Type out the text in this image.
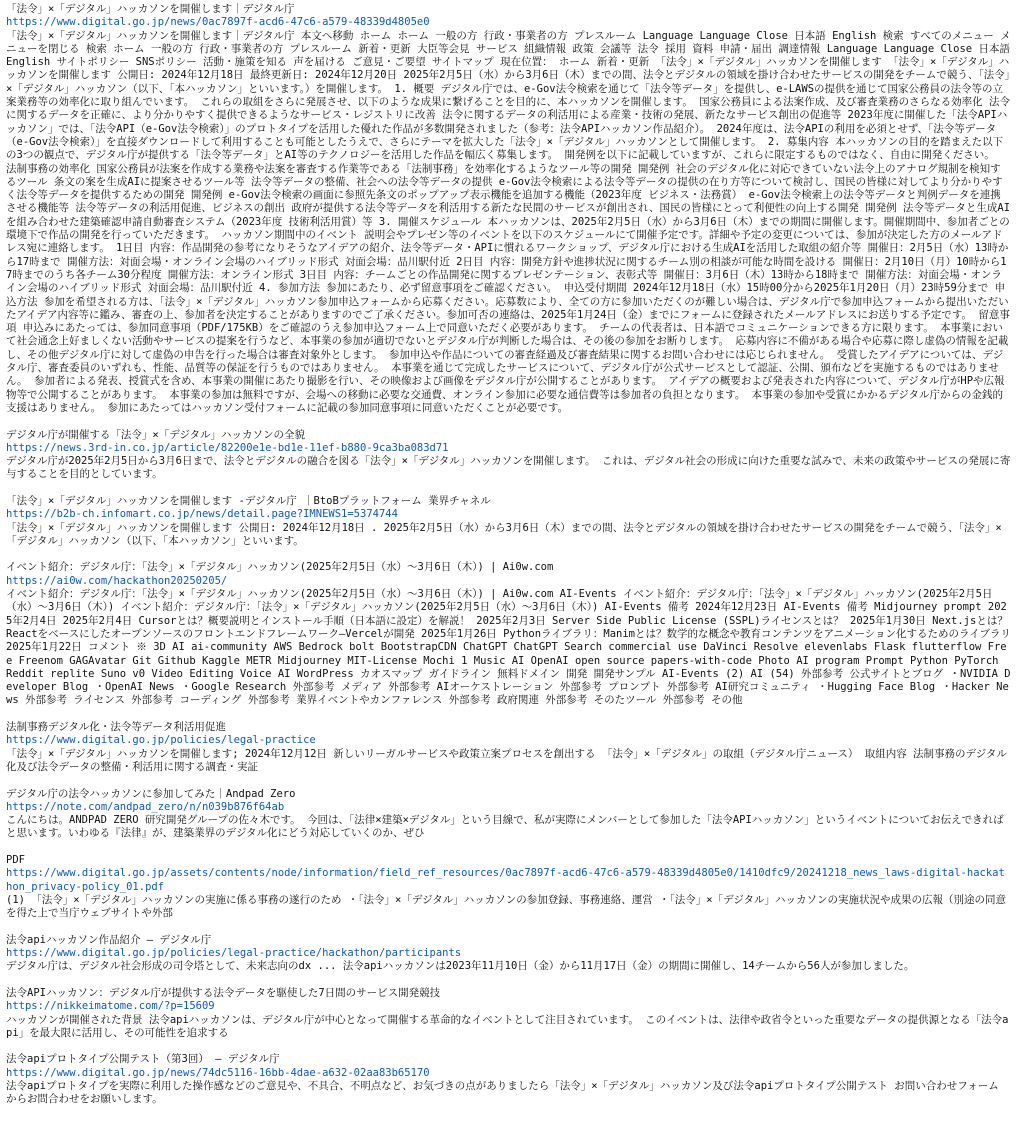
「法令」×「デジタル」ハッカソンを開催します｜デジタル庁
https://www.digital.go.jp/news/0ac7897f-acd6-47c6-a579-48339d4805e0
「法令」×「デジタル」ハッカソンを開催します｜デジタル庁 本文へ移動 ホーム ホーム 一般の方 行政・事業者の方 プレスルーム Language Language Close 日本語 English 検索 すべてのメニュー メニューを閉じる 検索 ホーム 一般の方 行政・事業者の方 プレスルーム 新着・更新 大臣等会見 サービス 組織情報 政策 会議等 法令 採用 資料 申請・届出 調達情報 Language Language Close 日本語 English サイトポリシー SNSポリシー 活動・施策を知る 声を届ける ご意見・ご要望 サイトマップ 現在位置： ホーム 新着・更新 「法令」×「デジタル」ハッカソンを開催します 「法令」×「デジタル」ハッカソンを開催します 公開日: 2024年12月18日 最終更新日: 2024年12月20日 2025年2月5日（水）から3月6日（木）までの間、法令とデジタルの領域を掛け合わせたサービスの開発をチームで競う、「法令」×「デジタル」ハッカソン（以下、「本ハッカソン」といいます。）を開催します。 1. 概要 デジタル庁では、e-Gov法令検索を通じて「法令等データ」を提供し、e-LAWSの提供を通じて国家公務員の法令等の立案業務等の効率化に取り組んでいます。 これらの取組をさらに発展させ、以下のような成果に繋げることを目的に、本ハッカソンを開催します。 国家公務員による法案作成、及び審査業務のさらなる効率化 法令に関するデータを正確に、より分かりやすく提供できるようなサービス・レジストリに改善 法令に関するデータの利活用による産業・技術の発展、新たなサービス創出の促進等 2023年度に開催した「法令APIハッカソン」では、「法令API（e-Gov法令検索）」のプロトタイプを活用した優れた作品が多数開発されました（参考：法令APIハッカソン作品紹介）。 2024年度は、法令APIの利用を必須とせず、「法令等データ（e-Gov法令検索）」を直接ダウンロードして利用することも可能としたうえで、さらにテーマを拡大した「法令」×「デジタル」ハッカソンとして開催します。 2. 募集内容 本ハッカソンの目的を踏まえた以下の3つの観点で、デジタル庁が提供する「法令等データ」とAI等のテクノロジーを活用した作品を幅広く募集します。 開発例を以下に記載していますが、これらに限定するものではなく、自由に開発ください。 法制事務の効率化 国家公務員が法案を作成する業務や法案を審査する作業等である「法制事務」を効率化するようなツール等の開発 開発例 社会のデジタル化に対応できていない法令上のアナログ規制を検知するツール 条文の案を生成AIに提案させるツール等 法令等データの整備、社会への法令等データの提供 e-Gov法令検索による法令等データの提供の在り方等について検討し、国民の皆様に対してより分かりやすく法令等データを提供するための開発 開発例 e-Gov法令検索の画面に参照先条文のポップアップ表示機能を追加する機能（2023年度 ビジネス・法務賞） e-Gov法令検索上の法令等データと判例データを連携させる機能等 法令等データの利活用促進、ビジネスの創出 政府が提供する法令等データを利活用する新たな民間のサービスが創出され、国民の皆様にとって利便性の向上する開発 開発例 法令等データと生成AIを組み合わせた建築確認申請自動審査システム（2023年度 技術利活用賞）等 3. 開催スケジュール 本ハッカソンは、2025年2月5日（水）から3月6日（木）までの期間に開催します。開催期間中、参加者ごとの環境下で作品の開発を行っていただきます。 ハッカソン期間中のイベント 説明会やプレゼン等のイベントを以下のスケジュールにて開催予定です。詳細や予定の変更については、参加が決定した方のメールアドレス宛に連絡します。 1日目 内容：作品開発の参考になりそうなアイデアの紹介、法令等データ・APIに慣れるワークショップ、デジタル庁における生成AIを活用した取組の紹介等 開催日：2月5日（水）13時から17時まで 開催方法：対面会場・オンライン会場のハイブリッド形式 対面会場：品川駅付近 2日目 内容：開発方針や進捗状況に関するチーム別の相談が可能な時間を設ける 開催日：2月10日（月）10時から17時までのうち各チーム30分程度 開催方法：オンライン形式 3日目 内容：チームごとの作品開発に関するプレゼンテーション、表彰式等 開催日：3月6日（木）13時から18時まで 開催方法：対面会場・オンライン会場のハイブリッド形式 対面会場：品川駅付近 4. 参加方法 参加にあたり、必ず留意事項をご確認ください。 申込受付期間 2024年12月18日（水）15時00分から2025年1月20日（月）23時59分まで 申込方法 参加を希望される方は、「法令」×「デジタル」ハッカソン参加申込フォームから応募ください。応募数により、全ての方に参加いただくのが難しい場合は、デジタル庁で参加申込フォームから提出いただいたアイデア内容等に鑑み、審査の上、参加者を決定することがありますのでご了承ください。参加可否の連絡は、2025年1月24日（金）までにフォームに登録されたメールアドレスにお送りする予定です。 留意事項 申込みにあたっては、参加同意事項（PDF/175KB）をご確認のうえ参加申込フォーム上で同意いただく必要があります。 チームの代表者は、日本語でコミュニケーションできる方に限ります。 本事業において社会通念上好ましくない活動やサービスの提案を行うなど、本事業の参加が適切でないとデジタル庁が判断した場合は、その後の参加をお断りします。 応募内容に不備がある場合や応募に際し虚偽の情報を記載し、その他デジタル庁に対して虚偽の申告を行った場合は審査対象外とします。 参加申込や作品についての審査経過及び審査結果に関するお問い合わせには応じられません。 受賞したアイデアについては、デジタル庁、審査委員のいずれも、性能、品質等の保証を行うものではありません。 本事業を通じて完成したサービスについて、デジタル庁が公式サービスとして認証、公開、頒布などを実施するものではありません。 参加者による発表、授賞式を含め、本事業の開催にあたり撮影を行い、その映像および画像をデジタル庁が公開することがあります。 アイデアの概要および発表された内容について、デジタル庁がHPや広報物等で公開することがあります。 本事業の参加は無料ですが、会場への移動に必要な交通費、オンライン参加に必要な通信費等は参加者の負担となります。 本事業の参加や受賞にかかるデジタル庁からの金銭的支援はありません。 参加にあたってはハッカソン受付フォームに記載の参加同意事項に同意いただくことが必要です。
デジタル庁が開催する「法令」×「デジタル」ハッカソンの全貌
https://news.3rd-in.co.jp/article/82200e1e-bd1e-11ef-b880-9ca3ba083d71
デジタル庁が2025年2月5日から3月6日まで、法令とデジタルの融合を図る「法令」×「デジタル」ハッカソンを開催します。 これは、デジタル社会の形成に向けた重要な試みで、未来の政策やサービスの発展に寄与することを目的としています。
「法令」×「デジタル」ハッカソンを開催します -デジタル庁 ｜BtoBプラットフォーム 業界チャネル
https://b2b-ch.infomart.co.jp/news/detail.page?IMNEWS1=5374744
「法令」×「デジタル」ハッカソンを開催します 公開日: 2024年12月18日 . 2025年2月5日（水）から3月6日（木）までの間、法令とデジタルの領域を掛け合わせたサービスの開発をチームで競う、「法令」×「デジタル」ハッカソン（以下、「本ハッカソン」といいます。
イベント紹介：デジタル庁：「法令」×「デジタル」ハッカソン(2025年2月5日（水）～3月6日（木）) | Ai0w.com
https://ai0w.com/hackathon20250205/
イベント紹介：デジタル庁：「法令」×「デジタル」ハッカソン(2025年2月5日（水）～3月6日（木）) | Ai0w.com AI-Events イベント紹介：デジタル庁：「法令」×「デジタル」ハッカソン(2025年2月5日（水）～3月6日（木）) イベント紹介：デジタル庁：「法令」×「デジタル」ハッカソン(2025年2月5日（水）～3月6日（木）) AI-Events 備考 2024年12月23日 AI-Events 備考 Midjourney prompt 2025年2月4日 2025年2月4日 Cursorとは？概要説明とインストール手順（日本語に設定）を解説！ 2025年2月3日 Server Side Public License (SSPL)ライセンスとは？ 2025年1月30日 Next.jsとは？Reactをベースにしたオープンソースのフロントエンドフレームワーク—Vercelが開発 2025年1月26日 Pythonライブラリ：Manimとは？数学的な概念や教育コンテンツをアニメーション化するためのライブラリ 2025年1月22日 コメント ※ 3D AI ai-community AWS Bedrock bolt BootstrapCDN ChatGPT ChatGPT Search commercial use DaVinci Resolve elevenlabs Flask flutterflow Free Freenom GAGAvatar Git Github Kaggle METR Midjourney MIT-License Mochi 1 Music AI OpenAI open source papers-with-code Photo AI program Prompt Python PyTorch Reddit replite Suno v0 Video Editing Voice AI WordPress カオスマップ ガイドライン 無料ドメイン 開発 開発サンプル AI-Events (2) AI (54) 外部参考 公式サイトとブログ ・NVIDIA Developer Blog ・OpenAI News ・Google Research 外部参考 メディア 外部参考 AIオーケストレーション 外部参考 プロンプト 外部参考 AI研究コミュニティ ・Hugging Face Blog ・Hacker News 外部参考 ライセンス 外部参考 コーディング 外部参考 業界イベントやカンファレンス 外部参考 政府関連 外部参考 そのたツール 外部参考 その他
法制事務デジタル化・法令等データ利活用促進
https://www.digital.go.jp/policies/legal-practice
「法令」×「デジタル」ハッカソンを開催します; 2024年12月12日 新しいリーガルサービスや政策立案プロセスを創出する 「法令」×「デジタル」の取組（デジタル庁ニュース） 取組内容 法制事務のデジタル化及び法令データの整備・利活用に関する調査・実証
デジタル庁の法令ハッカソンに参加してみた｜Andpad Zero
https://note.com/andpad_zero/n/n039b876f64ab
こんにちは。ANDPAD ZERO 研究開発グループの佐々木です。 今回は、「法律×建築×デジタル」という目線で、私が実際にメンバーとして参加した「法令APIハッカソン」というイベントについてお伝えできればと思います。いわゆる『法律』が、建築業界のデジタル化にどう対応していくのか、ぜひ
PDF
https://www.digital.go.jp/assets/contents/node/information/field_ref_resources/0ac7897f-acd6-47c6-a579-48339d4805e0/1410dfc9/20241218_news_laws-digital-hackathon_privacy-policy_01.pdf
(1) 「法令」×「デジタル」ハッカソンの実施に係る事務の遂行のため ・「法令」×「デジタル」ハッカソンの参加登録、事務連絡、運営 ・「法令」×「デジタル」ハッカソンの実施状況や成果の広報（別途の同意を得た上で当庁ウェブサイトや外部
法令apiハッカソン作品紹介 – デジタル庁
https://www.digital.go.jp/policies/legal-practice/hackathon/participants
デジタル庁は、デジタル社会形成の司令塔として、未来志向のdx ... 法令apiハッカソンは2023年11月10日（金）から11月17日（金）の期間に開催し、14チームから56人が参加しました。
法令APIハッカソン：デジタル庁が提供する法令データを駆使した7日間のサービス開発競技
https://nikkeimatome.com/?p=15609
ハッカソンが開催された背景 法令apiハッカソンは、デジタル庁が中心となって開催する革命的なイベントとして注目されています。 このイベントは、法律や政省令といった重要なデータの提供源となる「法令api」を最大限に活用し、その可能性を追求する
法令apiプロトタイプ公開テスト（第3回） – デジタル庁
https://www.digital.go.jp/news/74dc5116-16bb-4dae-a632-02aa83b65170
法令apiプロトタイプを実際に利用した操作感などのご意見や、不具合、不明点など、お気づきの点がありましたら「法令」×「デジタル」ハッカソン及び法令apiプロトタイプ公開テスト お問い合わせフォーム からお問合わせをお願いします。
